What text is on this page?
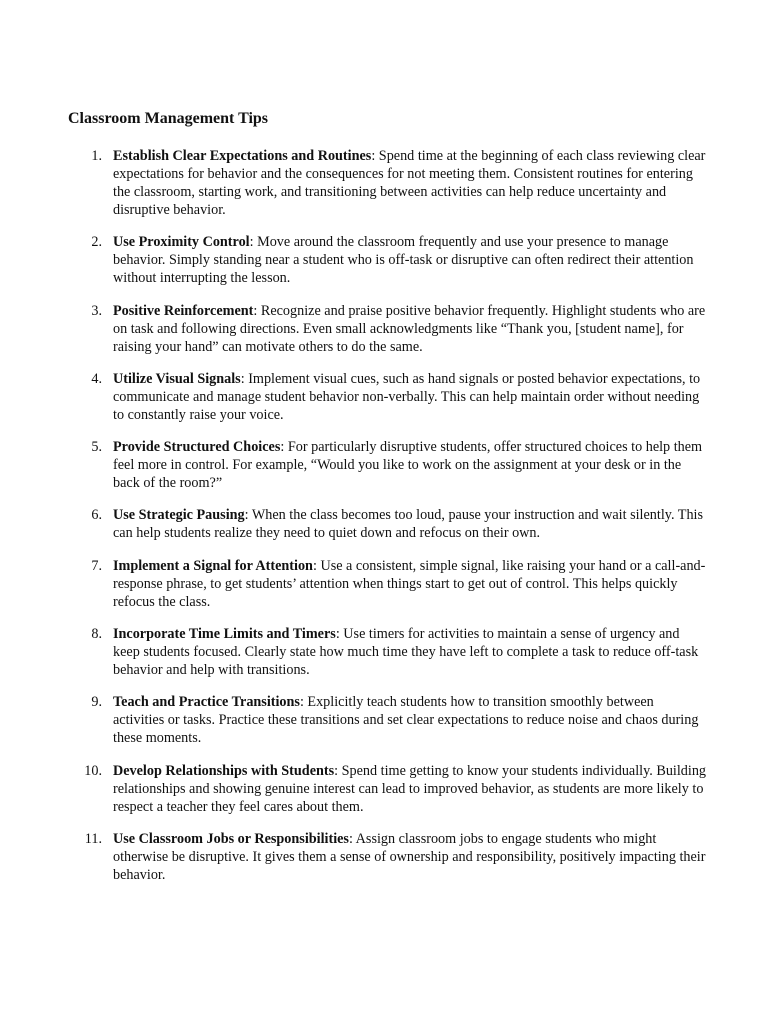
Classroom Management Tips
1. Establish Clear Expectations and Routines: Spend time at the beginning of each class reviewing clear expectations for behavior and the consequences for not meeting them. Consistent routines for entering the classroom, starting work, and transitioning between activities can help reduce uncertainty and disruptive behavior.
2. Use Proximity Control: Move around the classroom frequently and use your presence to manage behavior. Simply standing near a student who is off-task or disruptive can often redirect their attention without interrupting the lesson.
3. Positive Reinforcement: Recognize and praise positive behavior frequently. Highlight students who are on task and following directions. Even small acknowledgments like “Thank you, [student name], for raising your hand” can motivate others to do the same.
4. Utilize Visual Signals: Implement visual cues, such as hand signals or posted behavior expectations, to communicate and manage student behavior non-verbally. This can help maintain order without needing to constantly raise your voice.
5. Provide Structured Choices: For particularly disruptive students, offer structured choices to help them feel more in control. For example, “Would you like to work on the assignment at your desk or in the back of the room?”
6. Use Strategic Pausing: When the class becomes too loud, pause your instruction and wait silently. This can help students realize they need to quiet down and refocus on their own.
7. Implement a Signal for Attention: Use a consistent, simple signal, like raising your hand or a call-and-response phrase, to get students’ attention when things start to get out of control. This helps quickly refocus the class.
8. Incorporate Time Limits and Timers: Use timers for activities to maintain a sense of urgency and keep students focused. Clearly state how much time they have left to complete a task to reduce off-task behavior and help with transitions.
9. Teach and Practice Transitions: Explicitly teach students how to transition smoothly between activities or tasks. Practice these transitions and set clear expectations to reduce noise and chaos during these moments.
10. Develop Relationships with Students: Spend time getting to know your students individually. Building relationships and showing genuine interest can lead to improved behavior, as students are more likely to respect a teacher they feel cares about them.
11. Use Classroom Jobs or Responsibilities: Assign classroom jobs to engage students who might otherwise be disruptive. It gives them a sense of ownership and responsibility, positively impacting their behavior.
